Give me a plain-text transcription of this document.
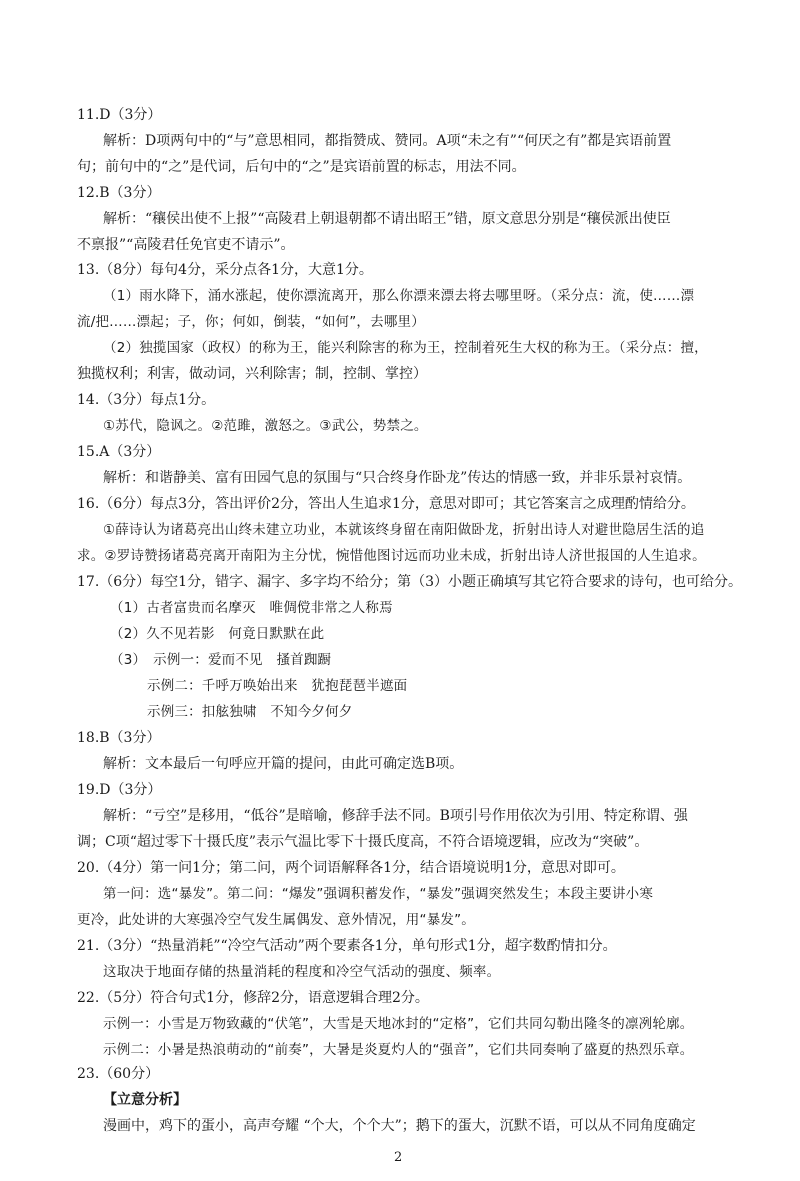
11.D（3分）
解析：D项两句中的“与”意思相同，都指赞成、赞同。A项“未之有”“何厌之有”都是宾语前置
句；前句中的“之”是代词，后句中的“之”是宾语前置的标志，用法不同。
12.B（3分）
解析：“穰侯出使不上报”“高陵君上朝退朝都不请出昭王”错，原文意思分别是“穰侯派出使臣
不禀报”“高陵君任免官吏不请示”。
13.（8分）每句4分，采分点各1分，大意1分。
（1）雨水降下，涌水涨起，使你漂流离开，那么你漂来漂去将去哪里呀。（采分点：流，使……漂
流/把……漂起；子，你；何如，倒装，“如何”，去哪里）
（2）独揽国家（政权）的称为王，能兴利除害的称为王，控制着死生大权的称为王。（采分点：擅，
独揽权利；利害，做动词，兴利除害；制，控制、掌控）
14.（3分）每点1分。
①苏代，隐讽之。②范雎，激怒之。③武公，势禁之。
15.A（3分）
解析：和谐静美、富有田园气息的氛围与“只合终身作卧龙”传达的情感一致，并非乐景衬哀情。
16.（6分）每点3分，答出评价2分，答出人生追求1分，意思对即可；其它答案言之成理酌情给分。
①薛诗认为诸葛亮出山终未建立功业，本就该终身留在南阳做卧龙，折射出诗人对避世隐居生活的追
求。②罗诗赞扬诸葛亮离开南阳为主分忧，惋惜他图讨远而功业未成，折射出诗人济世报国的人生追求。
17.（6分）每空1分，错字、漏字、多字均不给分；第（3）小题正确填写其它符合要求的诗句，也可给分。
（1）古者富贵而名摩灭　唯倜傥非常之人称焉
（2）久不见若影　何竟日默默在此
（3）　示例一：爱而不见　搔首踟蹰
示例二：千呼万唤始出来　犹抱琵琶半遮面
示例三：扣舷独啸　不知今夕何夕
18.B（3分）
解析：文本最后一句呼应开篇的提问，由此可确定选B项。
19.D（3分）
解析：“亏空”是移用，“低谷”是暗喻，修辞手法不同。B项引号作用依次为引用、特定称谓、强
调；C项“超过零下十摄氏度”表示气温比零下十摄氏度高，不符合语境逻辑，应改为“突破”。
20.（4分）第一问1分；第二问，两个词语解释各1分，结合语境说明1分，意思对即可。
第一问：选“暴发”。第二问：“爆发”强调积蓄发作，“暴发”强调突然发生；本段主要讲小寒
更冷，此处讲的大寒强冷空气发生属偶发、意外情况，用“暴发”。
21.（3分）“热量消耗”“冷空气活动”两个要素各1分，单句形式1分，超字数酌情扣分。
这取决于地面存储的热量消耗的程度和冷空气活动的强度、频率。
22.（5分）符合句式1分，修辞2分，语意逻辑合理2分。
示例一：小雪是万物致藏的“伏笔”，大雪是天地冰封的“定格”，它们共同勾勒出隆冬的凛冽轮廓。
示例二：小暑是热浪萌动的“前奏”，大暑是炎夏灼人的“强音”，它们共同奏响了盛夏的热烈乐章。
23.（60分）
【立意分析】
漫画中，鸡下的蛋小，高声夸耀 “个大，个个大”；鹅下的蛋大，沉默不语，可以从不同角度确定
2
